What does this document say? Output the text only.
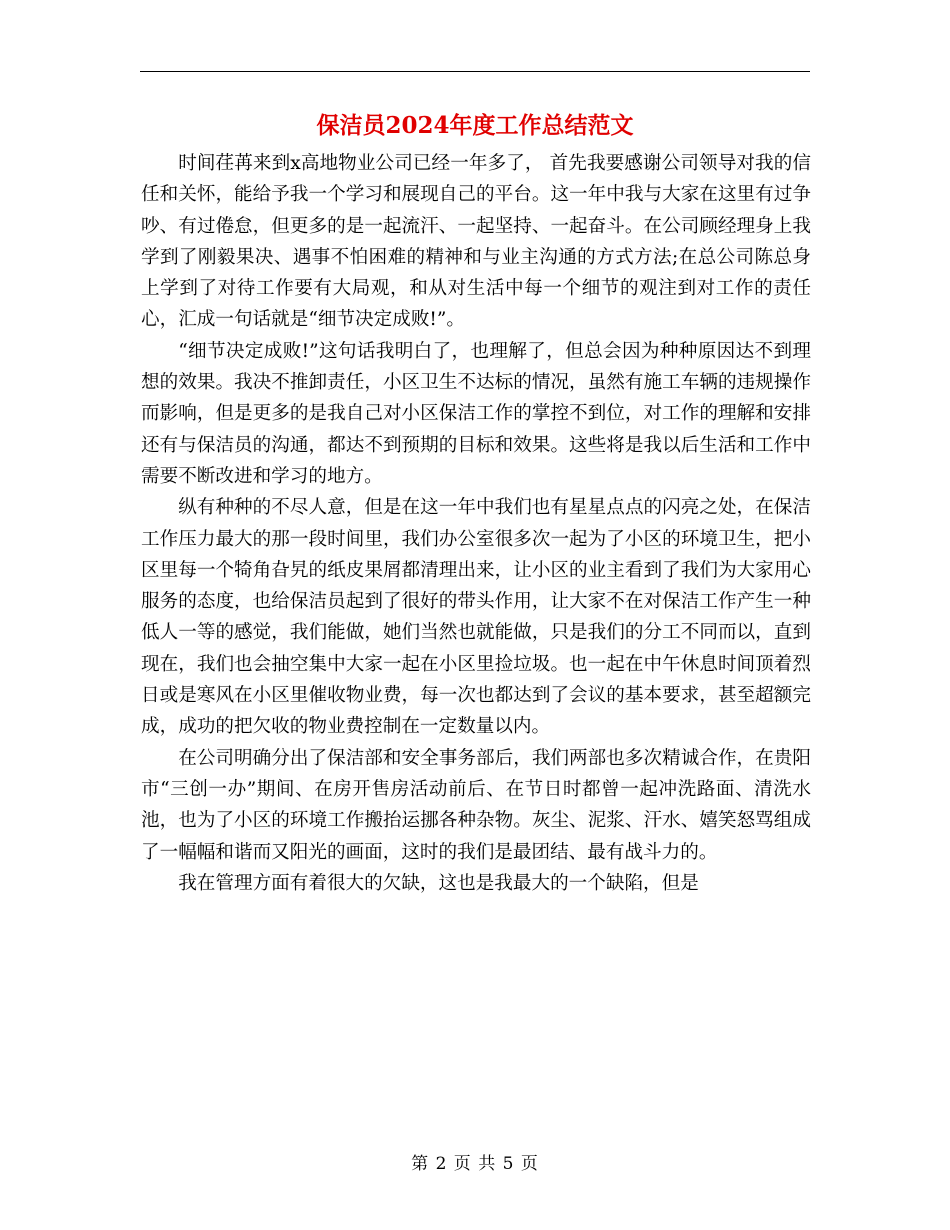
保洁员2024年度工作总结范文

时间荏苒来到x高地物业公司已经一年多了， 首先我要感谢公司领导对我的信任和关怀，能给予我一个学习和展现自己的平台。这一年中我与大家在这里有过争吵、有过倦怠，但更多的是一起流汗、一起坚持、一起奋斗。在公司顾经理身上我学到了刚毅果决、遇事不怕困难的精神和与业主沟通的方式方法;在总公司陈总身上学到了对待工作要有大局观，和从对生活中每一个细节的观注到对工作的责任心，汇成一句话就是“细节决定成败!”。

“细节决定成败!”这句话我明白了，也理解了，但总会因为种种原因达不到理想的效果。我决不推卸责任，小区卫生不达标的情况，虽然有施工车辆的违规操作而影响，但是更多的是我自己对小区保洁工作的掌控不到位，对工作的理解和安排还有与保洁员的沟通，都达不到预期的目标和效果。这些将是我以后生活和工作中需要不断改进和学习的地方。

纵有种种的不尽人意，但是在这一年中我们也有星星点点的闪亮之处，在保洁工作压力最大的那一段时间里，我们办公室很多次一起为了小区的环境卫生，把小区里每一个犄角旮旯的纸皮果屑都清理出来，让小区的业主看到了我们为大家用心服务的态度，也给保洁员起到了很好的带头作用，让大家不在对保洁工作产生一种低人一等的感觉，我们能做，她们当然也就能做，只是我们的分工不同而以，直到现在，我们也会抽空集中大家一起在小区里捡垃圾。也一起在中午休息时间顶着烈日或是寒风在小区里催收物业费，每一次也都达到了会议的基本要求，甚至超额完成，成功的把欠收的物业费控制在一定数量以内。

在公司明确分出了保洁部和安全事务部后，我们两部也多次精诚合作，在贵阳市“三创一办”期间、在房开售房活动前后、在节日时都曾一起冲洗路面、清洗水池，也为了小区的环境工作搬抬运挪各种杂物。灰尘、泥浆、汗水、嬉笑怒骂组成了一幅幅和谐而又阳光的画面，这时的我们是最团结、最有战斗力的。

我在管理方面有着很大的欠缺，这也是我最大的一个缺陷，但是

第 2 页 共 5 页
